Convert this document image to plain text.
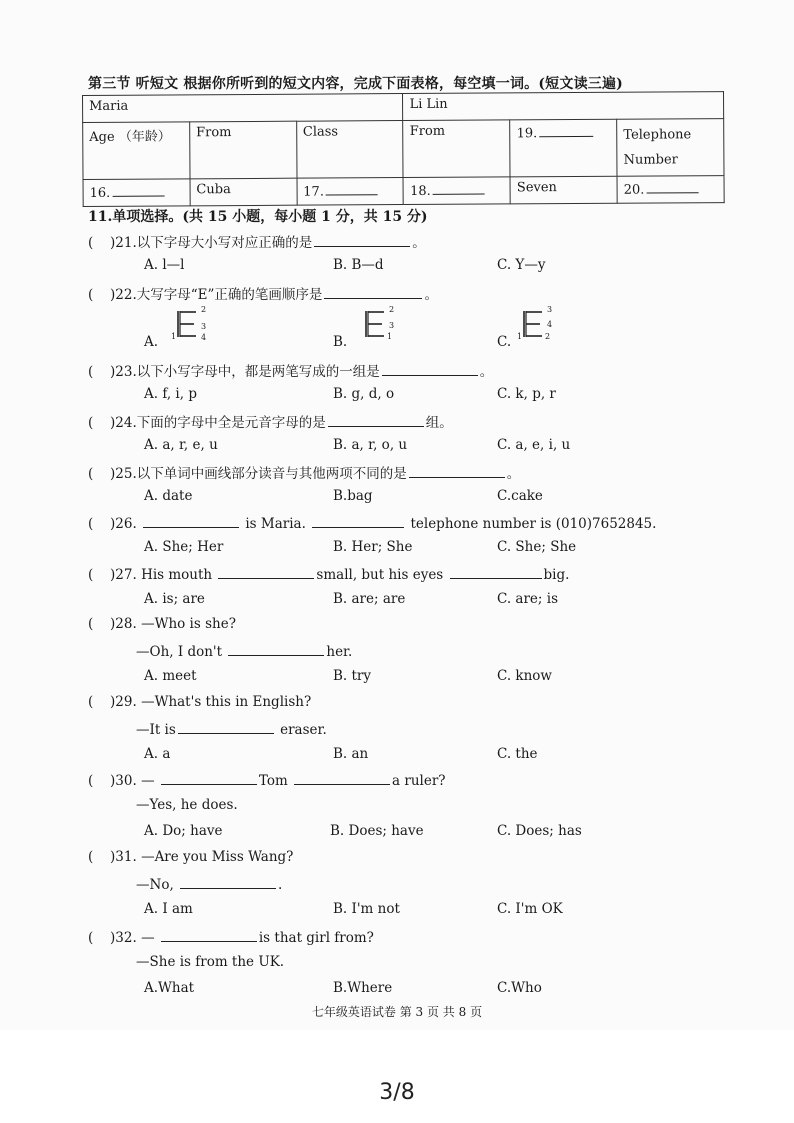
第三节 听短文 根据你所听到的短文内容，完成下面表格，每空填一词。(短文读三遍)
Maria			Li Lin		
Age （年龄）	From	Class	From	19.	Telephone Number
16.	Cuba	17.	18.	Seven	20.
11.单项选择。(共 15 小题，每小题 1 分，共 15 分)
( )21.以下字母大小写对应正确的是	。
A. l—l	B. B—d	C. Y—y
( )22.大写字母“E”正确的笔画顺序是	。
A. 1
2
3
4	B.	1
2
3
C. 1	2
3
4
( )23.以下小写字母中，都是两笔写成的一组是	。
A. f, i, p	B. g, d, o	C. k, p, r
( )24.下面的字母中全是元音字母的是	组。
A. a, r, e, u	B. a, r, o, u	C. a, e, i, u
( )25.以下单词中画线部分读音与其他两项不同的是	。
A. date	B.bag	C.cake
( )26.	is Maria.	telephone number is (010)7652845.
A. She; Her	B. Her; She	C. She; She
( )27. His mouth	small, but his eyes	big.
A. is; are	B. are; are	C. are; is
( )28. —Who is she?
—Oh, I don't	her.
A. meet	B. try	C. know
( )29. —What's this in English?
—It is	eraser.
A. a	B. an	C. the
( )30. —	Tom	a ruler?
—Yes, he does.
A. Do; have	B. Does; have	C. Does; has
( )31. —Are you Miss Wang?
—No,	.
A. I am	B. I'm not	C. I'm OK
( )32. —	is that girl from?
—She is from the UK.
A.What	B.Where	C.Who
七年级英语试卷 第 3 页 共 8 页
3/8
